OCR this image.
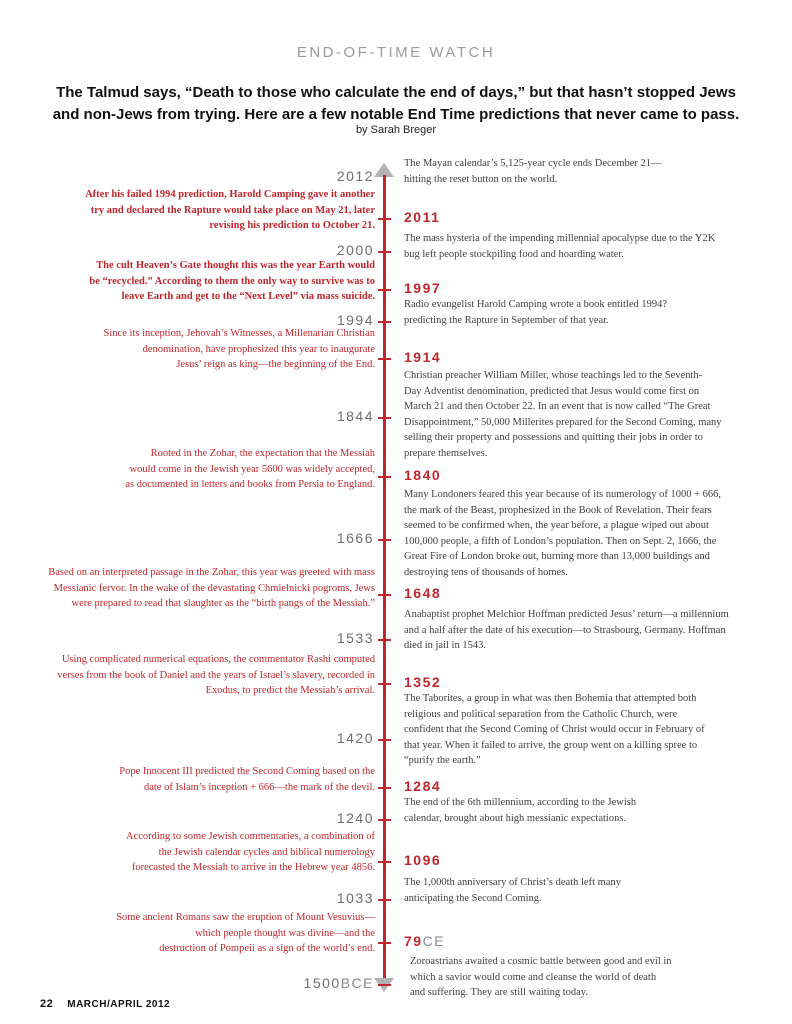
END-OF-TIME WATCH
The Talmud says, “Death to those who calculate the end of days,” but that hasn’t stopped Jews
and non-Jews from trying. Here are a few notable End Time predictions that never came to pass.
by Sarah Breger
2012
2000
1994
1844
1666
1533
1420
1240
1033
1500BCE
2011
1997
1914
1840
1648
1352
1284
1096
79CE
After his failed 1994 prediction, Harold Camping gave it another
try and declared the Rapture would take place on May 21, later
revising his prediction to October 21.
The cult Heaven’s Gate thought this was the year Earth would
be “recycled.” According to them the only way to survive was to
leave Earth and get to the “Next Level” via mass suicide.
Since its inception, Jehovah’s Witnesses, a Millenarian Christian
denomination, have prophesized this year to inaugurate
Jesus’ reign as king—the beginning of the End.
Rooted in the Zohar, the expectation that the Messiah
would come in the Jewish year 5600 was widely accepted,
as documented in letters and books from Persia to England.
Based on an interpreted passage in the Zohar, this year was greeted with mass
Messianic fervor. In the wake of the devastating Chmielnicki pogroms, Jews
were prepared to read that slaughter as the “birth pangs of the Messiah.”
Using complicated numerical equations, the commentator Rashi computed
verses from the book of Daniel and the years of Israel’s slavery, recorded in
Exodus, to predict the Messiah’s arrival.
Pope Innocent III predicted the Second Coming based on the
date of Islam’s inception + 666—the mark of the devil.
According to some Jewish commentaries, a combination of
the Jewish calendar cycles and biblical numerology
forecasted the Messiah to arrive in the Hebrew year 4856.
Some ancient Romans saw the eruption of Mount Vesuvius—
which people thought was divine—and the
destruction of Pompeii as a sign of the world’s end.
The Mayan calendar’s 5,125-year cycle ends December 21—
hitting the reset button on the world.
The mass hysteria of the impending millennial apocalypse due to the Y2K
bug left people stockpiling food and hoarding water.
Radio evangelist Harold Camping wrote a book entitled 1994?
predicting the Rapture in September of that year.
Christian preacher William Miller, whose teachings led to the Seventh-
Day Adventist denomination, predicted that Jesus would come first on
March 21 and then October 22. In an event that is now called “The Great
Disappointment,” 50,000 Millerites prepared for the Second Coming, many
selling their property and possessions and quitting their jobs in order to
prepare themselves.
Many Londoners feared this year because of its numerology of 1000 + 666,
the mark of the Beast, prophesized in the Book of Revelation. Their fears
seemed to be confirmed when, the year before, a plague wiped out about
100,000 people, a fifth of London’s population. Then on Sept. 2, 1666, the
Great Fire of London broke out, burning more than 13,000 buildings and
destroying tens of thousands of homes.
Anabaptist prophet Melchior Hoffman predicted Jesus’ return—a millennium
and a half after the date of his execution—to Strasbourg, Germany. Hoffman
died in jail in 1543.
The Taborites, a group in what was then Bohemia that attempted both
religious and political separation from the Catholic Church, were
confident that the Second Coming of Christ would occur in February of
that year. When it failed to arrive, the group went on a killing spree to
“purify the earth.”
The end of the 6th millennium, according to the Jewish
calendar, brought about high messianic expectations.
The 1,000th anniversary of Christ’s death left many
anticipating the Second Coming.
Zoroastrians awaited a cosmic battle between good and evil in
which a savior would come and cleanse the world of death
and suffering. They are still waiting today.
22 MARCH/APRIL 2012
